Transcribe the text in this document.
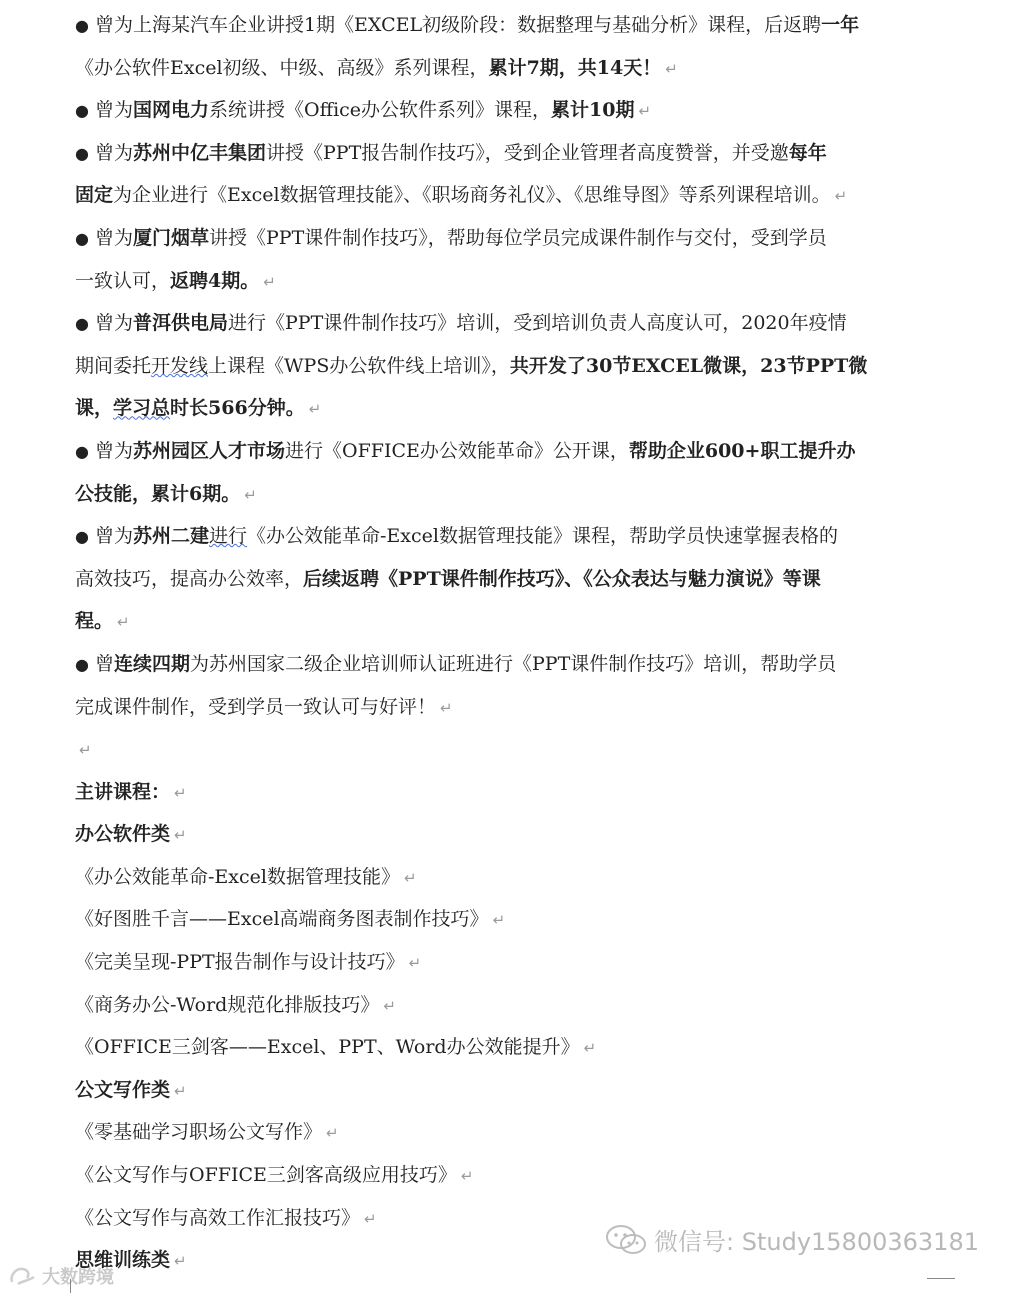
● 曾为上海某汽车企业讲授1期《EXCEL初级阶段：数据整理与基础分析》课程，后返聘一年
《办公软件Excel初级、中级、高级》系列课程，累计7期，共14天！ ↵
● 曾为国网电力系统讲授《Office办公软件系列》课程，累计10期 ↵
● 曾为苏州中亿丰集团讲授《PPT报告制作技巧》，受到企业管理者高度赞誉，并受邀每年
固定为企业进行《Excel数据管理技能》、《职场商务礼仪》、《思维导图》等系列课程培训。 ↵
● 曾为厦门烟草讲授《PPT课件制作技巧》，帮助每位学员完成课件制作与交付，受到学员
一致认可，返聘4期。 ↵
● 曾为普洱供电局进行《PPT课件制作技巧》培训，受到培训负责人高度认可，2020年疫情
期间委托开发线上课程《WPS办公软件线上培训》，共开发了30节EXCEL微课，23节PPT微
课，学习总时长566分钟。 ↵
● 曾为苏州园区人才市场进行《OFFICE办公效能革命》公开课，帮助企业600+职工提升办
公技能，累计6期。 ↵
● 曾为苏州二建进行《办公效能革命-Excel数据管理技能》课程，帮助学员快速掌握表格的
高效技巧，提高办公效率，后续返聘《PPT课件制作技巧》、《公众表达与魅力演说》等课
程。 ↵
● 曾连续四期为苏州国家二级企业培训师认证班进行《PPT课件制作技巧》培训，帮助学员
完成课件制作，受到学员一致认可与好评！ ↵
↵
主讲课程： ↵
办公软件类 ↵
《办公效能革命-Excel数据管理技能》 ↵
《好图胜千言——Excel高端商务图表制作技巧》 ↵
《完美呈现-PPT报告制作与设计技巧》 ↵
《商务办公-Word规范化排版技巧》 ↵
《OFFICE三剑客——Excel、PPT、Word办公效能提升》 ↵
公文写作类 ↵
《零基础学习职场公文写作》 ↵
《公文写作与OFFICE三剑客高级应用技巧》 ↵
《公文写作与高效工作汇报技巧》 ↵
思维训练类 ↵
微信号: Study15800363181
大数跨境
